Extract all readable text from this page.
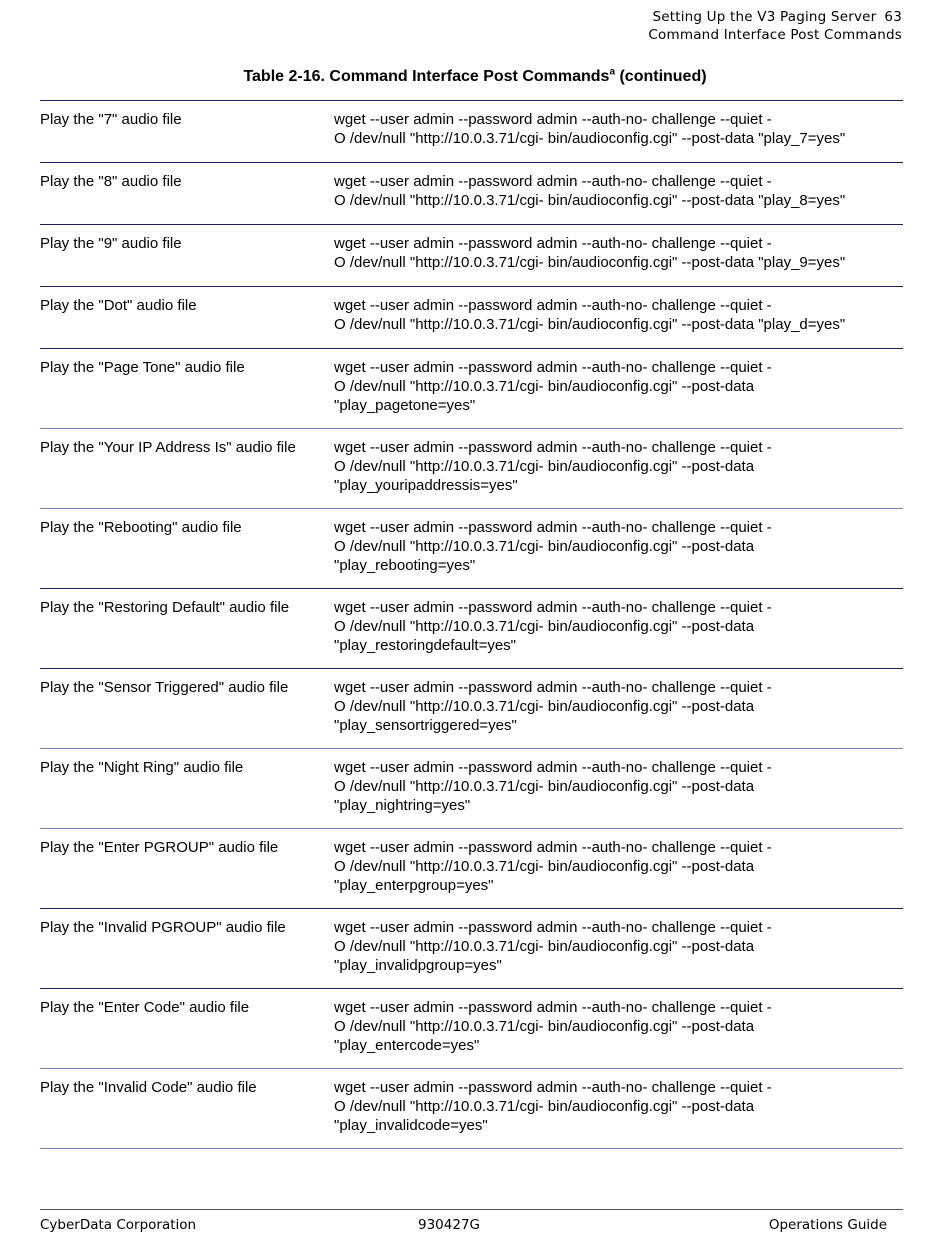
Setting Up the V3 Paging Server 63
Command Interface Post Commands
Table 2-16. Command Interface Post Commands$^a$ (continued)
Play the "7" audio file	wget --user admin --password admin --auth-no- challenge --quiet -
O /dev/null "http://10.0.3.71/cgi- bin/audioconfig.cgi" --post-data "play_7=yes"
Play the "8" audio file	wget --user admin --password admin --auth-no- challenge --quiet -
O /dev/null "http://10.0.3.71/cgi- bin/audioconfig.cgi" --post-data "play_8=yes"
Play the "9" audio file	wget --user admin --password admin --auth-no- challenge --quiet -
O /dev/null "http://10.0.3.71/cgi- bin/audioconfig.cgi" --post-data "play_9=yes"
Play the "Dot" audio file	wget --user admin --password admin --auth-no- challenge --quiet -
O /dev/null "http://10.0.3.71/cgi- bin/audioconfig.cgi" --post-data "play_d=yes"
Play the "Page Tone" audio file	wget --user admin --password admin --auth-no- challenge --quiet -
O /dev/null "http://10.0.3.71/cgi- bin/audioconfig.cgi" --post-data
"play_pagetone=yes"
Play the "Your IP Address Is" audio file	wget --user admin --password admin --auth-no- challenge --quiet -
O /dev/null "http://10.0.3.71/cgi- bin/audioconfig.cgi" --post-data
"play_youripaddressis=yes"
Play the "Rebooting" audio file	wget --user admin --password admin --auth-no- challenge --quiet -
O /dev/null "http://10.0.3.71/cgi- bin/audioconfig.cgi" --post-data
"play_rebooting=yes"
Play the "Restoring Default" audio file	wget --user admin --password admin --auth-no- challenge --quiet -
O /dev/null "http://10.0.3.71/cgi- bin/audioconfig.cgi" --post-data
"play_restoringdefault=yes"
Play the "Sensor Triggered" audio file	wget --user admin --password admin --auth-no- challenge --quiet -
O /dev/null "http://10.0.3.71/cgi- bin/audioconfig.cgi" --post-data
"play_sensortriggered=yes"
Play the "Night Ring" audio file	wget --user admin --password admin --auth-no- challenge --quiet -
O /dev/null "http://10.0.3.71/cgi- bin/audioconfig.cgi" --post-data
"play_nightring=yes"
Play the "Enter PGROUP" audio file	wget --user admin --password admin --auth-no- challenge --quiet -
O /dev/null "http://10.0.3.71/cgi- bin/audioconfig.cgi" --post-data
"play_enterpgroup=yes"
Play the "Invalid PGROUP" audio file	wget --user admin --password admin --auth-no- challenge --quiet -
O /dev/null "http://10.0.3.71/cgi- bin/audioconfig.cgi" --post-data
"play_invalidpgroup=yes"
Play the "Enter Code" audio file	wget --user admin --password admin --auth-no- challenge --quiet -
O /dev/null "http://10.0.3.71/cgi- bin/audioconfig.cgi" --post-data
"play_entercode=yes"
Play the "Invalid Code" audio file	wget --user admin --password admin --auth-no- challenge --quiet -
O /dev/null "http://10.0.3.71/cgi- bin/audioconfig.cgi" --post-data
"play_invalidcode=yes"
CyberData Corporation	930427G	Operations Guide
